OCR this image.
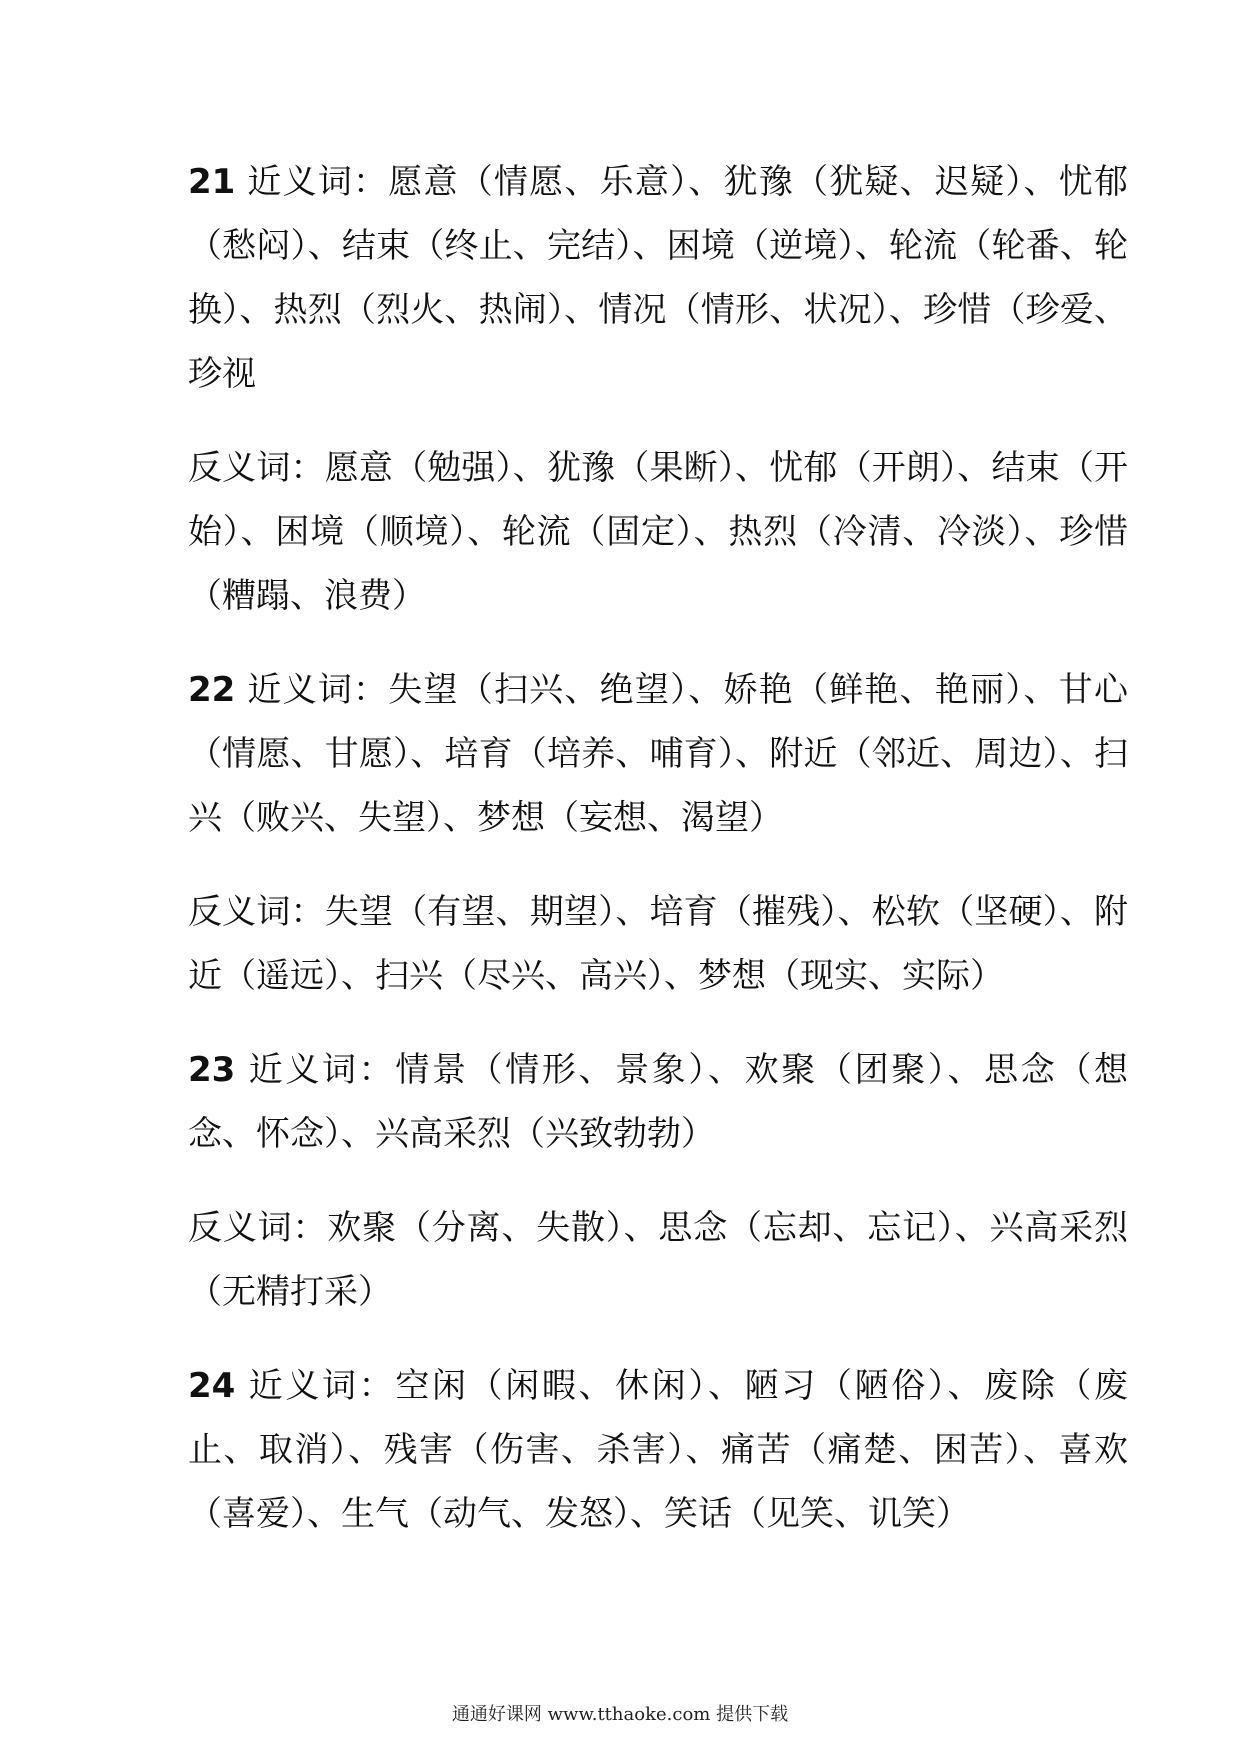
21 近义词：愿意（情愿、乐意）、犹豫（犹疑、迟疑）、忧郁（愁闷）、结束（终止、完结）、困境（逆境）、轮流（轮番、轮换）、热烈（烈火、热闹）、情况（情形、状况）、珍惜（珍爱、珍视

反义词：愿意（勉强）、犹豫（果断）、忧郁（开朗）、结束（开始）、困境（顺境）、轮流（固定）、热烈（冷清、冷淡）、珍惜（糟蹋、浪费）

22 近义词：失望（扫兴、绝望）、娇艳（鲜艳、艳丽）、甘心（情愿、甘愿）、培育（培养、哺育）、附近（邻近、周边）、扫兴（败兴、失望）、梦想（妄想、渴望）

反义词：失望（有望、期望）、培育（摧残）、松软（坚硬）、附近（遥远）、扫兴（尽兴、高兴）、梦想（现实、实际）

23 近义词：情景（情形、景象）、欢聚（团聚）、思念（想念、怀念）、兴高采烈（兴致勃勃）

反义词：欢聚（分离、失散）、思念（忘却、忘记）、兴高采烈（无精打采）

24 近义词：空闲（闲暇、休闲）、陋习（陋俗）、废除（废止、取消）、残害（伤害、杀害）、痛苦（痛楚、困苦）、喜欢（喜爱）、生气（动气、发怒）、笑话（见笑、讥笑）

通通好课网 www.tthaoke.com 提供下载
